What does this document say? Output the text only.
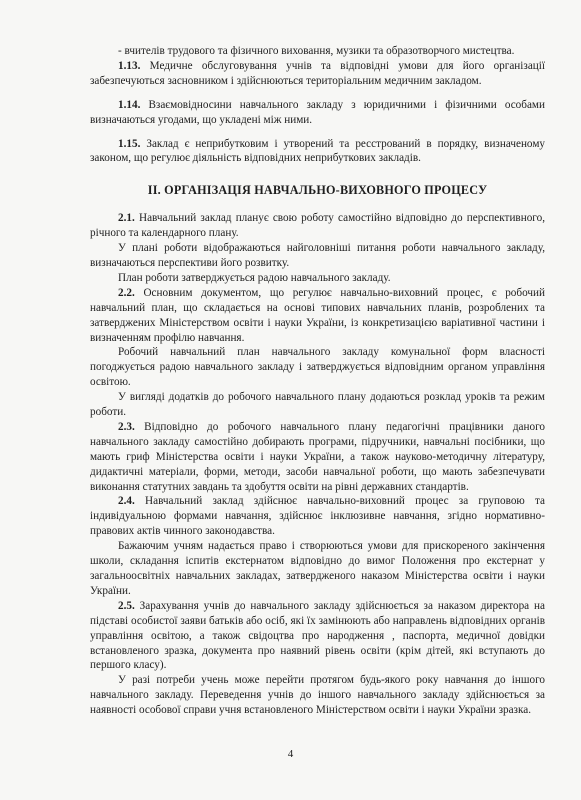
- вчителів трудового та фізичного виховання, музики та образотворчого мистецтва.

1.13. Медичне обслуговування учнів та відповідні умови для його організації забезпечуються засновником і здійснюються територіальним медичним закладом.

1.14. Взаємовідносини навчального закладу з юридичними і фізичними особами визначаються угодами, що укладені між ними.

1.15. Заклад є неприбутковим і утворений та ресстрований в порядку, визначеному законом, що регулює діяльність відповідних неприбуткових закладів.

II. ОРГАНІЗАЦІЯ НАВЧАЛЬНО-ВИХОВНОГО ПРОЦЕСУ

2.1. Навчальний заклад планує свою роботу самостійно відповідно до перспективного, річного та календарного плану.

У плані роботи відображаються найголовніші питання роботи навчального закладу, визначаються перспективи його розвитку.

План роботи затверджується радою навчального закладу.

2.2. Основним документом, що регулює навчально-виховний процес, є робочий навчальний план, що складається на основі типових навчальних планів, розроблених та затверджених Міністерством освіти і науки України, із конкретизацією варіативної частини і визначенням профілю навчання.

Робочий навчальний план навчального закладу комунальної форм власності погоджується радою навчального закладу і затверджується відповідним органом управління освітою.

У вигляді додатків до робочого навчального плану додаються розклад уроків та режим роботи.

2.3. Відповідно до робочого навчального плану педагогічні працівники даного навчального закладу самостійно добирають програми, підручники, навчальні посібники, що мають гриф Міністерства освіти і науки України, а також науково-методичну літературу, дидактичні матеріали, форми, методи, засоби навчальної роботи, що мають забезпечувати виконання статутних завдань та здобуття освіти на рівні державних стандартів.

2.4. Навчальний заклад здійснює навчально-виховний процес за груповою та індивідуальною формами навчання, здійснює інклюзивне навчання, згідно нормативно-правових актів чинного законодавства.

Бажаючим учням надається право і створюються умови для прискореного закінчення школи, складання іспитів екстернатом відповідно до вимог Положення про екстернат у загальноосвітніх навчальних закладах, затвердженого наказом Міністерства освіти і науки України.

2.5. Зарахування учнів до навчального закладу здійснюється за наказом директора на підставі особистої заяви батьків або осіб, які їх замінюють або направлень відповідних органів управління освітою, а також свідоцтва про народження , паспорта, медичної довідки встановленого зразка, документа про наявний рівень освіти (крім дітей, які вступають до першого класу).

У разі потреби учень може перейти протягом будь-якого року навчання до іншого навчального закладу. Переведення учнів до іншого навчального закладу здійснюється за наявності особової справи учня встановленого Міністерством освіти і науки України зразка.

4
